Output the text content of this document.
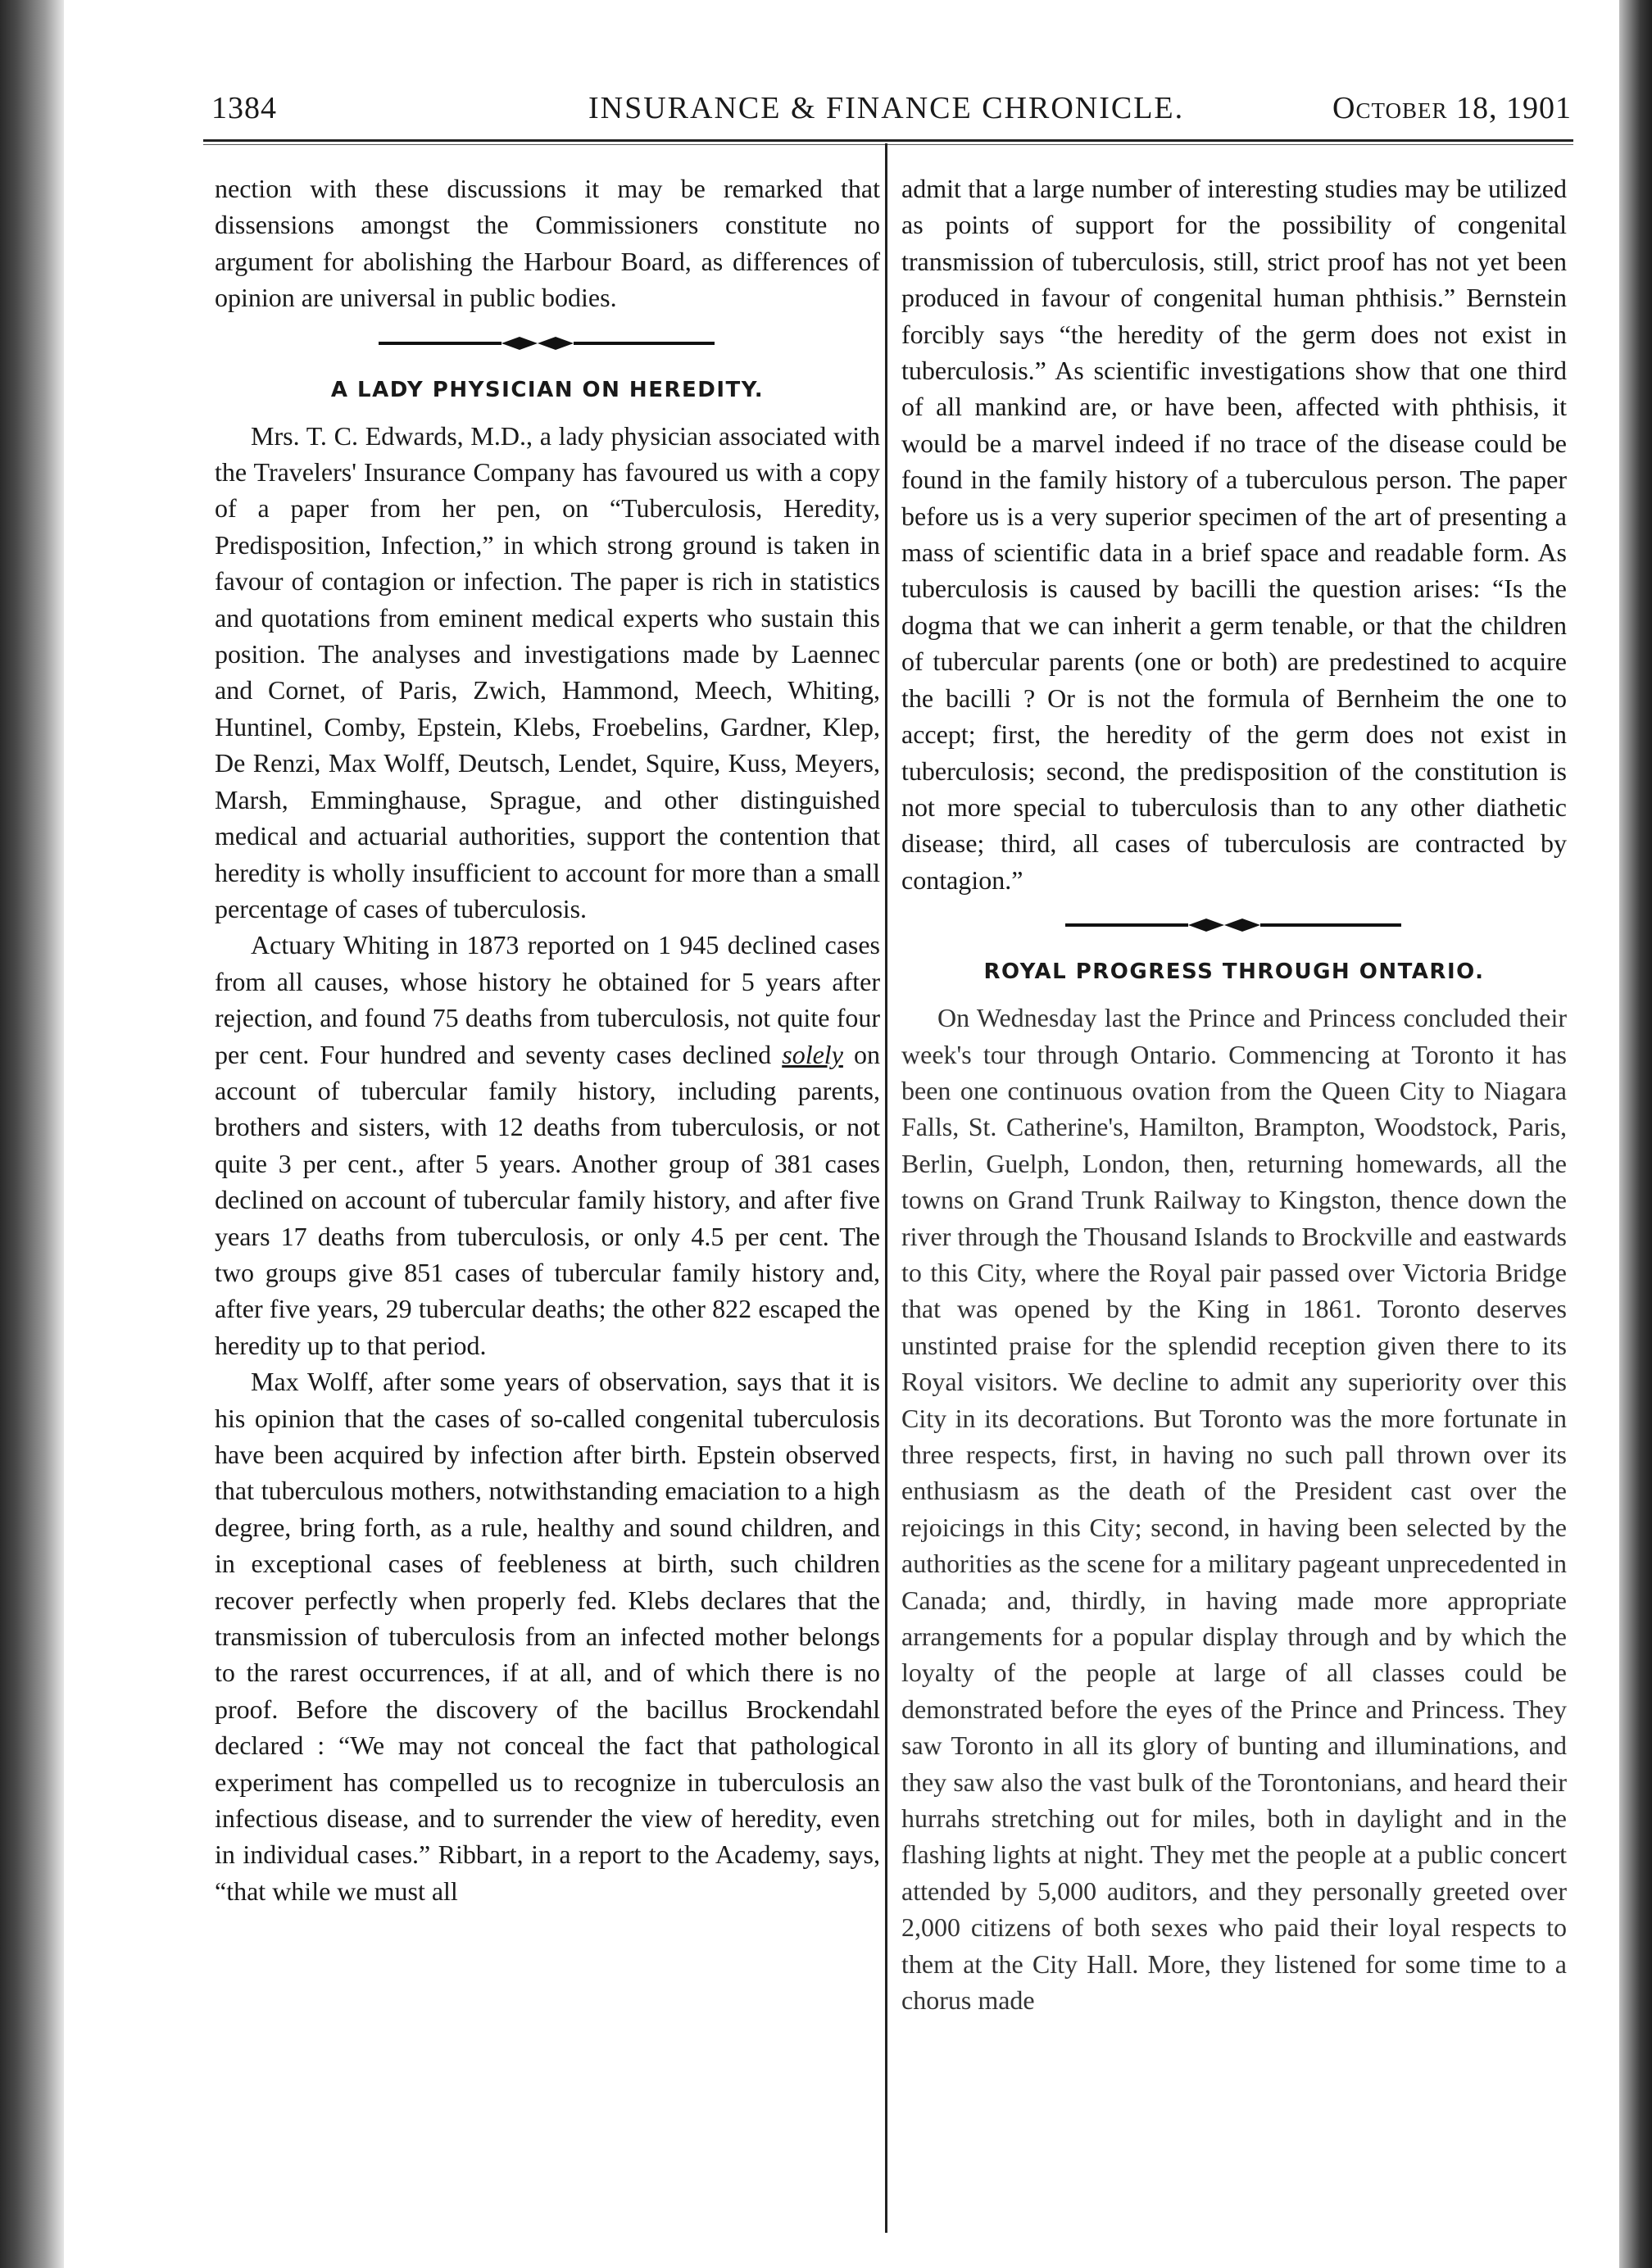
1384	INSURANCE & FINANCE CHRONICLE.	October 18, 1901

nection with these discussions it may be remarked that dissensions amongst the Commissioners constitute no argument for abolishing the Harbour Board, as differences of opinion are universal in public bodies.

A LADY PHYSICIAN ON HEREDITY.

Mrs. T. C. Edwards, M.D., a lady physician associated with the Travelers' Insurance Company has favoured us with a copy of a paper from her pen, on “Tuberculosis, Heredity, Predisposition, Infection,” in which strong ground is taken in favour of contagion or infection. The paper is rich in statistics and quotations from eminent medical experts who sustain this position. The analyses and investigations made by Laennec and Cornet, of Paris, Zwich, Hammond, Meech, Whiting, Huntinel, Comby, Epstein, Klebs, Froebelins, Gardner, Klep, De Renzi, Max Wolff, Deutsch, Lendet, Squire, Kuss, Meyers, Marsh, Emminghause, Sprague, and other distinguished medical and actuarial authorities, support the contention that heredity is wholly insufficient to account for more than a small percentage of cases of tuberculosis.

Actuary Whiting in 1873 reported on 1 945 declined cases from all causes, whose history he obtained for 5 years after rejection, and found 75 deaths from tuberculosis, not quite four per cent. Four hundred and seventy cases declined solely on account of tubercular family history, including parents, brothers and sisters, with 12 deaths from tuberculosis, or not quite 3 per cent., after 5 years. Another group of 381 cases declined on account of tubercular family history, and after five years 17 deaths from tuberculosis, or only 4.5 per cent. The two groups give 851 cases of tubercular family history and, after five years, 29 tubercular deaths; the other 822 escaped the heredity up to that period.

Max Wolff, after some years of observation, says that it is his opinion that the cases of so-called congenital tuberculosis have been acquired by infection after birth. Epstein observed that tuberculous mothers, notwithstanding emaciation to a high degree, bring forth, as a rule, healthy and sound children, and in exceptional cases of feebleness at birth, such children recover perfectly when properly fed. Klebs declares that the transmission of tuberculosis from an infected mother belongs to the rarest occurrences, if at all, and of which there is no proof. Before the discovery of the bacillus Brockendahl declared : “We may not conceal the fact that pathological experiment has compelled us to recognize in tuberculosis an infectious disease, and to surrender the view of heredity, even in individual cases.” Ribbart, in a report to the Academy, says, “that while we must all

admit that a large number of interesting studies may be utilized as points of support for the possibility of congenital transmission of tuberculosis, still, strict proof has not yet been produced in favour of congenital human phthisis.” Bernstein forcibly says “the heredity of the germ does not exist in tuberculosis.” As scientific investigations show that one third of all mankind are, or have been, affected with phthisis, it would be a marvel indeed if no trace of the disease could be found in the family history of a tuberculous person. The paper before us is a very superior specimen of the art of presenting a mass of scientific data in a brief space and readable form. As tuberculosis is caused by bacilli the question arises: “Is the dogma that we can inherit a germ tenable, or that the children of tubercular parents (one or both) are predestined to acquire the bacilli ? Or is not the formula of Bernheim the one to accept; first, the heredity of the germ does not exist in tuberculosis; second, the predisposition of the constitution is not more special to tuberculosis than to any other diathetic disease; third, all cases of tuberculosis are contracted by contagion.”

ROYAL PROGRESS THROUGH ONTARIO.

On Wednesday last the Prince and Princess concluded their week's tour through Ontario. Commencing at Toronto it has been one continuous ovation from the Queen City to Niagara Falls, St. Catherine's, Hamilton, Brampton, Woodstock, Paris, Berlin, Guelph, London, then, returning homewards, all the towns on Grand Trunk Railway to Kingston, thence down the river through the Thousand Islands to Brockville and eastwards to this City, where the Royal pair passed over Victoria Bridge that was opened by the King in 1861. Toronto deserves unstinted praise for the splendid reception given there to its Royal visitors. We decline to admit any superiority over this City in its decorations. But Toronto was the more fortunate in three respects, first, in having no such pall thrown over its enthusiasm as the death of the President cast over the rejoicings in this City; second, in having been selected by the authorities as the scene for a military pageant unprecedented in Canada; and, thirdly, in having made more appropriate arrangements for a popular display through and by which the loyalty of the people at large of all classes could be demonstrated before the eyes of the Prince and Princess. They saw Toronto in all its glory of bunting and illuminations, and they saw also the vast bulk of the Torontonians, and heard their hurrahs stretching out for miles, both in daylight and in the flashing lights at night. They met the people at a public concert attended by 5,000 auditors, and they personally greeted over 2,000 citizens of both sexes who paid their loyal respects to them at the City Hall. More, they listened for some time to a chorus made
